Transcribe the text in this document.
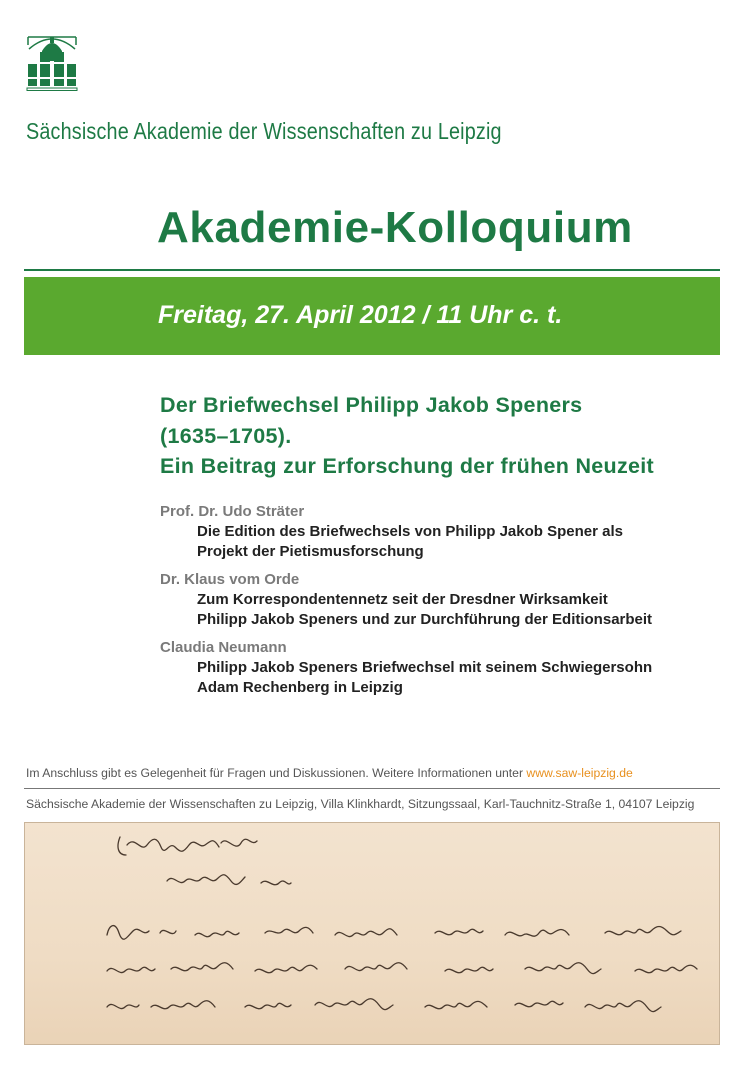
Sächsische Akademie der Wissenschaften zu Leipzig
Akademie-Kolloquium
Freitag, 27. April 2012 / 11 Uhr c. t.
Der Briefwechsel Philipp Jakob Speners
(1635–1705).
Ein Beitrag zur Erforschung der frühen Neuzeit
Prof. Dr. Udo Sträter
Die Edition des Briefwechsels von Philipp Jakob Spener als
Projekt der Pietismusforschung
Dr. Klaus vom Orde
Zum Korrespondentennetz seit der Dresdner Wirksamkeit
Philipp Jakob Speners und zur Durchführung der Editionsarbeit
Claudia Neumann
Philipp Jakob Speners Briefwechsel mit seinem Schwiegersohn
Adam Rechenberg in Leipzig
Im Anschluss gibt es Gelegenheit für Fragen und Diskussionen. Weitere Informationen unter www.saw-leipzig.de
Sächsische Akademie der Wissenschaften zu Leipzig, Villa Klinkhardt, Sitzungssaal, Karl-Tauchnitz-Straße 1, 04107 Leipzig
